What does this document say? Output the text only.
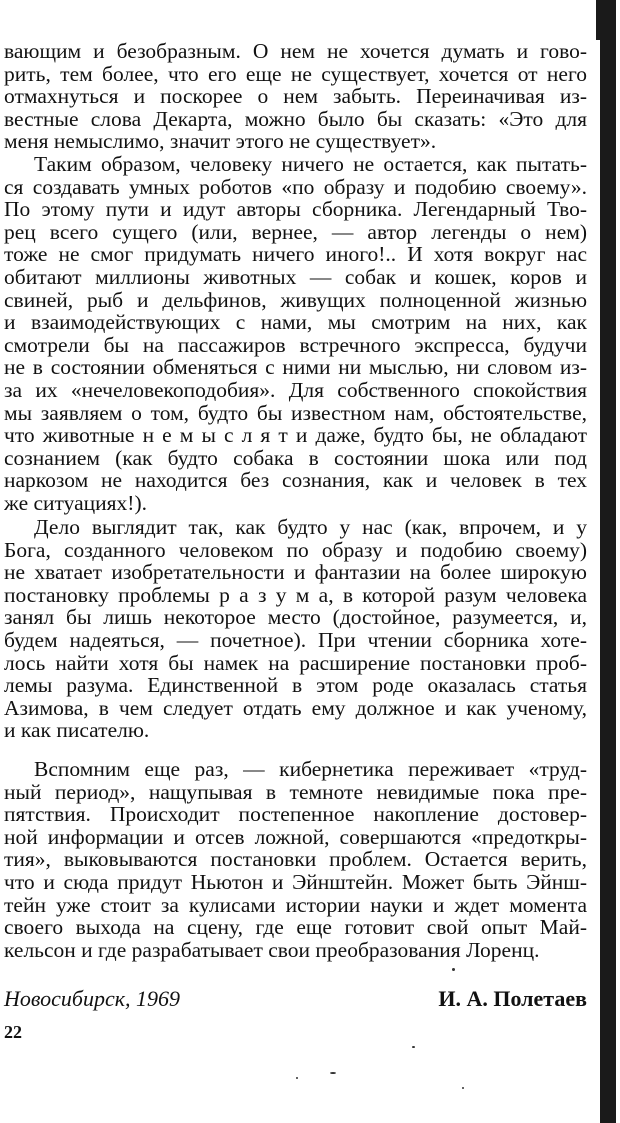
вающим и безобразным. О нем не хочется думать и гово-
рить, тем более, что его еще не существует, хочется от него
отмахнуться и поскорее о нем забыть. Переиначивая из-
вестные слова Декарта, можно было бы сказать: «Это для
меня немыслимо, значит этого не существует».
Таким образом, человеку ничего не остается, как пытать-
ся создавать умных роботов «по образу и подобию своему».
По этому пути и идут авторы сборника. Легендарный Тво-
рец всего сущего (или, вернее, — автор легенды о нем)
тоже не смог придумать ничего иного!.. И хотя вокруг нас
обитают миллионы животных — собак и кошек, коров и
свиней, рыб и дельфинов, живущих полноценной жизнью
и взаимодействующих с нами, мы смотрим на них, как
смотрели бы на пассажиров встречного экспресса, будучи
не в состоянии обменяться с ними ни мыслью, ни словом из-
за их «нечеловекоподобия». Для собственного спокойствия
мы заявляем о том, будто бы известном нам, обстоятельстве,
что животные н е м ы с л я т и даже, будто бы, не обладают
сознанием (как будто собака в состоянии шока или под
наркозом не находится без сознания, как и человек в тех
же ситуациях!).
Дело выглядит так, как будто у нас (как, впрочем, и у
Бога, созданного человеком по образу и подобию своему)
не хватает изобретательности и фантазии на более широкую
постановку проблемы р а з у м а, в которой разум человека
занял бы лишь некоторое место (достойное, разумеется, и,
будем надеяться, — почетное). При чтении сборника хоте-
лось найти хотя бы намек на расширение постановки проб-
лемы разума. Единственной в этом роде оказалась статья
Азимова, в чем следует отдать ему должное и как ученому,
и как писателю.
Вспомним еще раз, — кибернетика переживает «труд-
ный период», нащупывая в темноте невидимые пока пре-
пятствия. Происходит постепенное накопление достовер-
ной информации и отсев ложной, совершаются «предоткры-
тия», выковываются постановки проблем. Остается верить,
что и сюда придут Ньютон и Эйнштейн. Может быть Эйнш-
тейн уже стоит за кулисами истории науки и ждет момента
своего выхода на сцену, где еще готовит свой опыт Май-
кельсон и где разрабатывает свои преобразования Лоренц.
Новосибирск, 1969	И. А. Полетаев
22
